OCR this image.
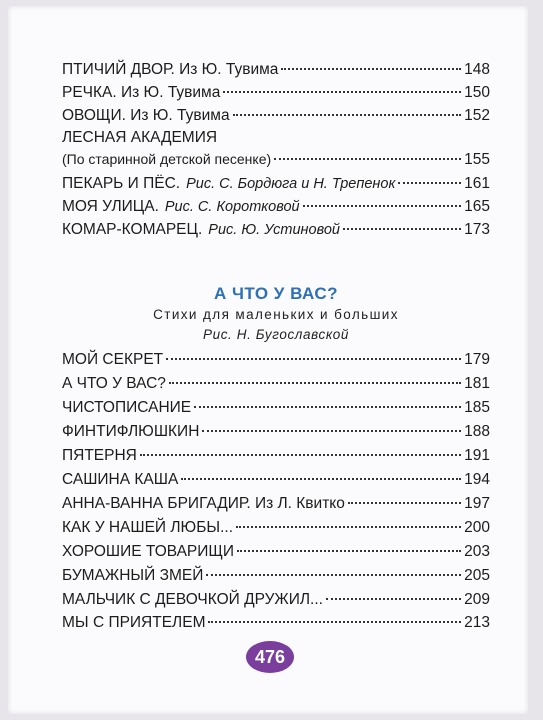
ПТИЧИЙ ДВОР. Из Ю. Тувима	148
РЕЧКА. Из Ю. Тувима	150
ОВОЩИ. Из Ю. Тувима	152
ЛЕСНАЯ АКАДЕМИЯ
(По старинной детской песенке)	155
ПЕКАРЬ И ПЁС. Рис. С. Бордюга и Н. Трепенок	161
МОЯ УЛИЦА. Рис. С. Коротковой	165
КОМАР-КОМАРЕЦ. Рис. Ю. Устиновой	173
А ЧТО У ВАС?
Стихи для маленьких и больших
Рис. Н. Бугославской
МОЙ СЕКРЕТ	179
А ЧТО У ВАС?	181
ЧИСТОПИСАНИЕ	185
ФИНТИФЛЮШКИН	188
ПЯТЕРНЯ	191
САШИНА КАША	194
АННА-ВАННА БРИГАДИР. Из Л. Квитко	197
КАК У НАШЕЙ ЛЮБЫ...	200
ХОРОШИЕ ТОВАРИЩИ	203
БУМАЖНЫЙ ЗМЕЙ	205
МАЛЬЧИК С ДЕВОЧКОЙ ДРУЖИЛ...	209
МЫ С ПРИЯТЕЛЕМ	213
476
